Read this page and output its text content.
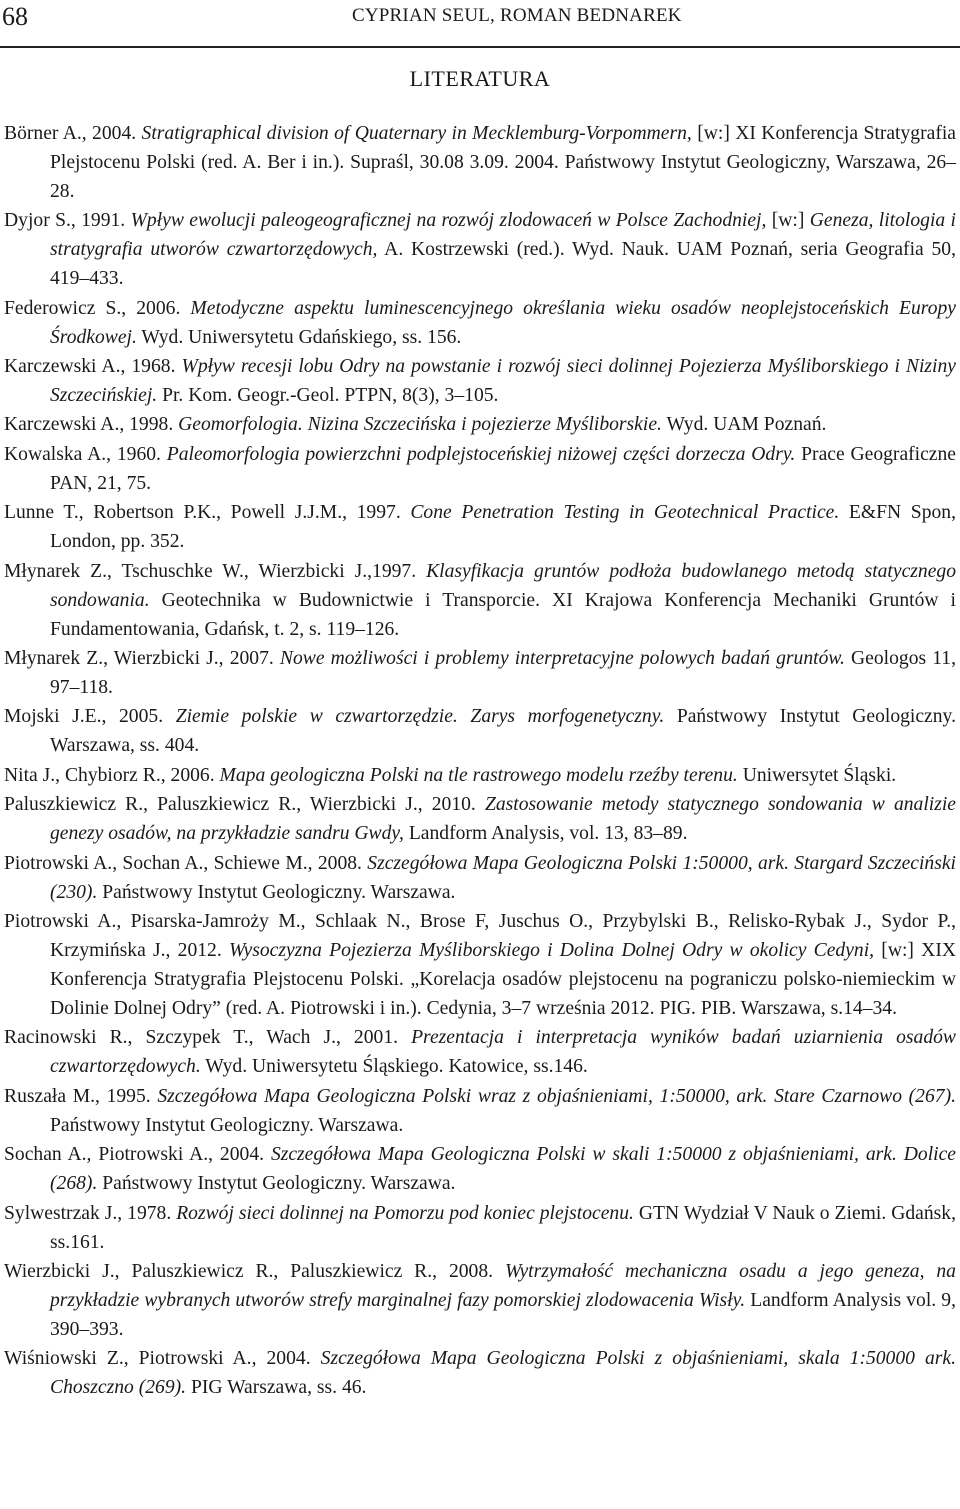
68	CYPRIAN SEUL, ROMAN BEDNAREK
LITERATURA
Börner A., 2004. Stratigraphical division of Quaternary in Mecklemburg-Vorpommern, [w:] XI Konferencja Stratygrafia Plejstocenu Polski (red. A. Ber i in.). Supraśl, 30.08 3.09. 2004. Państwowy Instytut Geologiczny, Warszawa, 26–28.
Dyjor S., 1991. Wpływ ewolucji paleogeograficznej na rozwój zlodowaceń w Polsce Zachodniej, [w:] Geneza, litologia i stratygrafia utworów czwartorzędowych, A. Kostrzewski (red.). Wyd. Nauk. UAM Poznań, seria Geografia 50, 419–433.
Federowicz S., 2006. Metodyczne aspektu luminescencyjnego określania wieku osadów neoplejstoceńskich Europy Środkowej. Wyd. Uniwersytetu Gdańskiego, ss. 156.
Karczewski A., 1968. Wpływ recesji lobu Odry na powstanie i rozwój sieci dolinnej Pojezierza Myśliborskiego i Niziny Szczecińskiej. Pr. Kom. Geogr.-Geol. PTPN, 8(3), 3–105.
Karczewski A., 1998. Geomorfologia. Nizina Szczecińska i pojezierze Myśliborskie. Wyd. UAM Poznań.
Kowalska A., 1960. Paleomorfologia powierzchni podplejstoceńskiej niżowej części dorzecza Odry. Prace Geograficzne PAN, 21, 75.
Lunne T., Robertson P.K., Powell J.J.M., 1997. Cone Penetration Testing in Geotechnical Practice. E&FN Spon, London, pp. 352.
Młynarek Z., Tschuschke W., Wierzbicki J.,1997. Klasyfikacja gruntów podłoża budowlanego metodą statycznego sondowania. Geotechnika w Budownictwie i Transporcie. XI Krajowa Konferencja Mechaniki Gruntów i Fundamentowania, Gdańsk, t. 2, s. 119–126.
Młynarek Z., Wierzbicki J., 2007. Nowe możliwości i problemy interpretacyjne polowych badań gruntów. Geologos 11, 97–118.
Mojski J.E., 2005. Ziemie polskie w czwartorzędzie. Zarys morfogenetyczny. Państwowy Instytut Geologiczny. Warszawa, ss. 404.
Nita J., Chybiorz R., 2006. Mapa geologiczna Polski na tle rastrowego modelu rzeźby terenu. Uniwersytet Śląski.
Paluszkiewicz R., Paluszkiewicz R., Wierzbicki J., 2010. Zastosowanie metody statycznego sondowania w analizie genezy osadów, na przykładzie sandru Gwdy, Landform Analysis, vol. 13, 83–89.
Piotrowski A., Sochan A., Schiewe M., 2008. Szczegółowa Mapa Geologiczna Polski 1:50000, ark. Stargard Szczeciński (230). Państwowy Instytut Geologiczny. Warszawa.
Piotrowski A., Pisarska-Jamroży M., Schlaak N., Brose F, Juschus O., Przybylski B., Relisko-Rybak J., Sydor P., Krzymińska J., 2012. Wysoczyzna Pojezierza Myśliborskiego i Dolina Dolnej Odry w okolicy Cedyni, [w:] XIX Konferencja Stratygrafia Plejstocenu Polski. „Korelacja osadów plejstocenu na pograniczu polsko-niemieckim w Dolinie Dolnej Odry” (red. A. Piotrowski i in.). Cedynia, 3–7 września 2012. PIG. PIB. Warszawa, s.14–34.
Racinowski R., Szczypek T., Wach J., 2001. Prezentacja i interpretacja wyników badań uziarnienia osadów czwartorzędowych. Wyd. Uniwersytetu Śląskiego. Katowice, ss.146.
Ruszała M., 1995. Szczegółowa Mapa Geologiczna Polski wraz z objaśnieniami, 1:50000, ark. Stare Czarnowo (267). Państwowy Instytut Geologiczny. Warszawa.
Sochan A., Piotrowski A., 2004. Szczegółowa Mapa Geologiczna Polski w skali 1:50000 z objaśnieniami, ark. Dolice (268). Państwowy Instytut Geologiczny. Warszawa.
Sylwestrzak J., 1978. Rozwój sieci dolinnej na Pomorzu pod koniec plejstocenu. GTN Wydział V Nauk o Ziemi. Gdańsk, ss.161.
Wierzbicki J., Paluszkiewicz R., Paluszkiewicz R., 2008. Wytrzymałość mechaniczna osadu a jego geneza, na przykładzie wybranych utworów strefy marginalnej fazy pomorskiej zlodowacenia Wisły. Landform Analysis vol. 9, 390–393.
Wiśniowski Z., Piotrowski A., 2004. Szczegółowa Mapa Geologiczna Polski z objaśnieniami, skala 1:50000 ark. Choszczno (269). PIG Warszawa, ss. 46.
